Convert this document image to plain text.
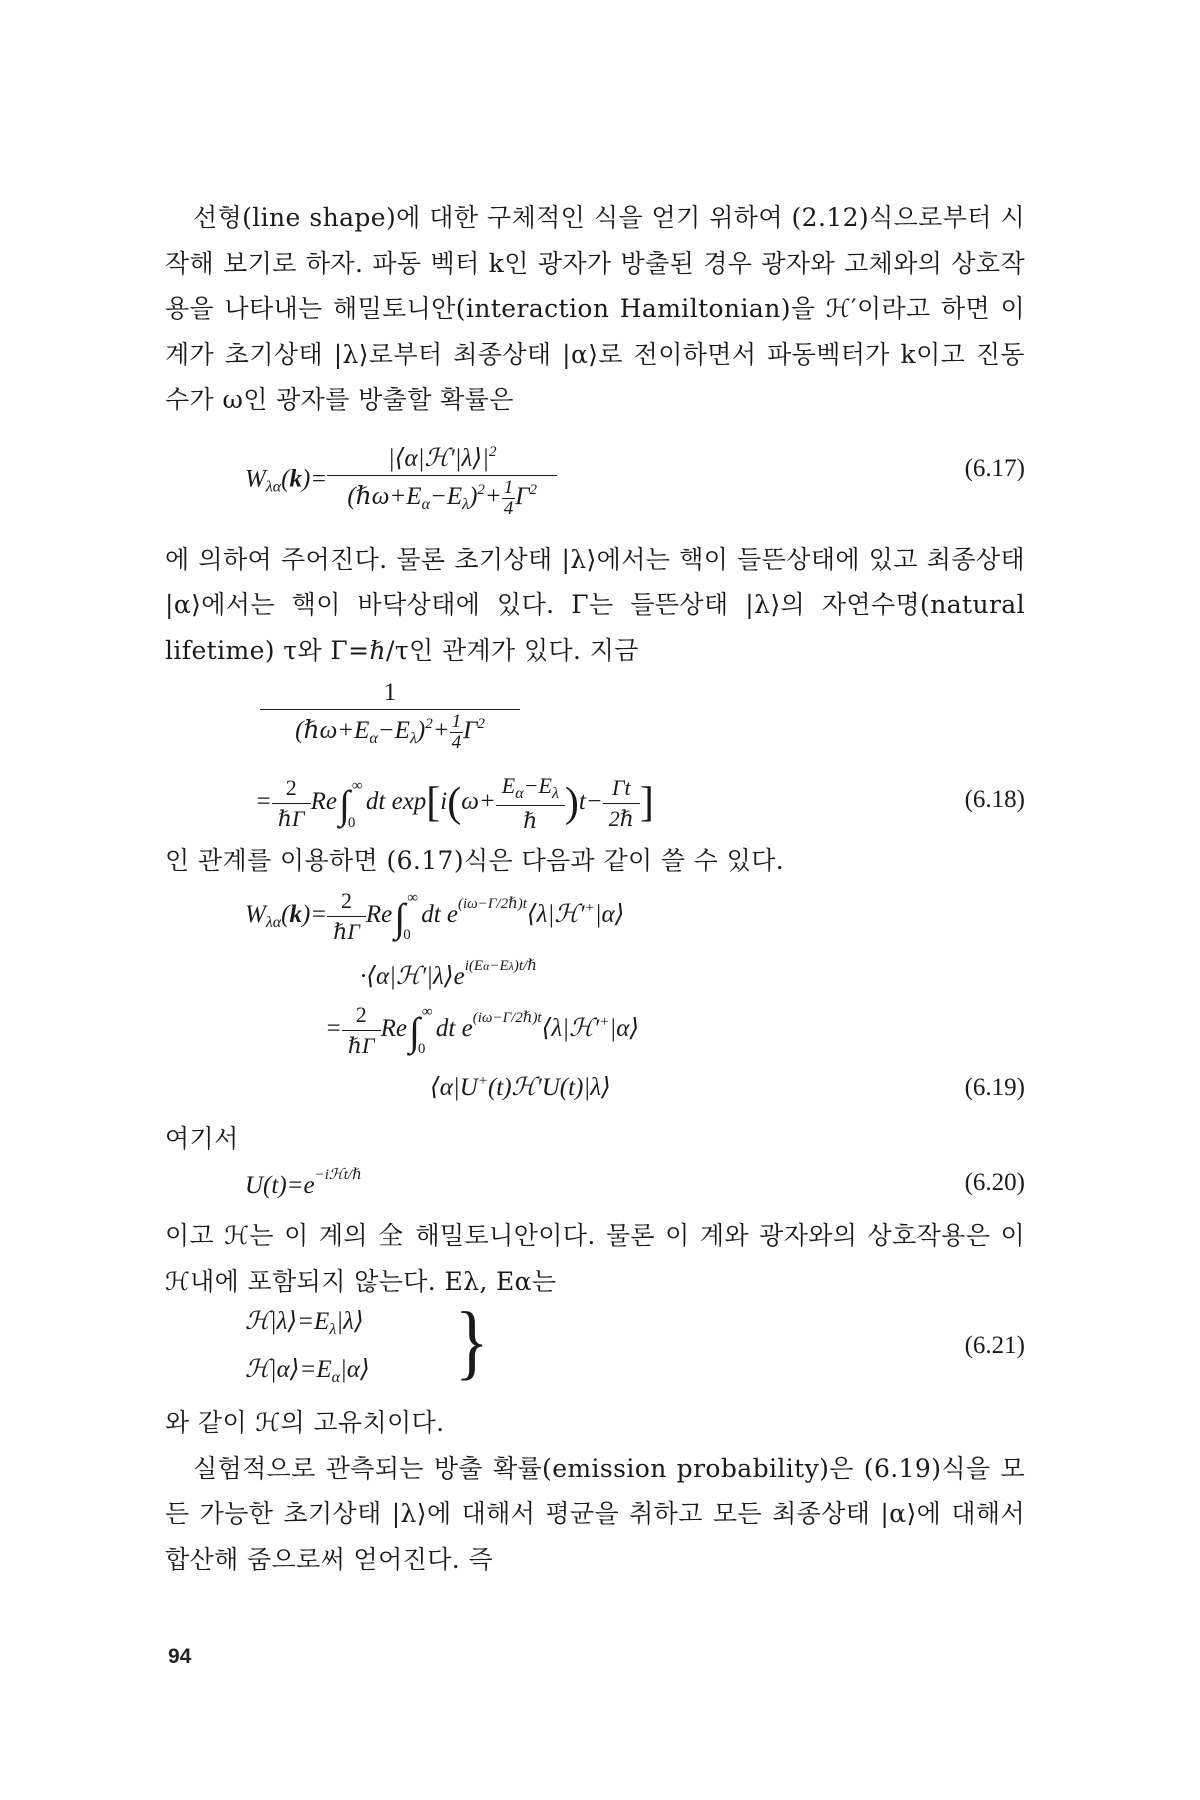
선형(line shape)에 대한 구체적인 식을 얻기 위하여 (2.12)식으로부터 시작해 보기로 하자. 파동 벡터 k인 광자가 방출된 경우 광자와 고체와의 상호작용을 나타내는 해밀토니안(interaction Hamiltonian)을 ℋ′이라고 하면 이 계가 초기상태 |λ⟩로부터 최종상태 |α⟩로 전이하면서 파동벡터가 k이고 진동수가 ω인 광자를 방출할 확률은

$W_{\lambda\alpha}(k)= \frac{|⟨\alpha|ℋ'|\lambda⟩|^2}{(\hbar\omega+E_\alpha-E_\lambda)^2+ \frac{1}{4} \Gamma^2}$	(6.17)

에 의하여 주어진다. 물론 초기상태 |λ⟩에서는 핵이 들뜬상태에 있고 최종상태 |α⟩에서는 핵이 바닥상태에 있다. Γ는 들뜬상태 |λ⟩의 자연수명(natural lifetime) τ와 Γ=ℏ/τ인 관계가 있다. 지금

$\frac{1}{(\hbar\omega+E_\alpha-E_\lambda)^2+ \frac{1}{4} \Gamma^2}$
= $\frac{2}{\text{ℏΓ}} Re\int$ ∞
0
dt $\exp[i(\omega+ \frac{E_\alpha-E_\lambda}{\text{ℏ}} )t- \frac{\Gamma t}{\text{2ℏ}}$ ]	(6.18)

인 관계를 이용하면 (6.17)식은 다음과 같이 쓸 수 있다.

$W_{\lambda\alpha}(k)= \frac{2}{\text{ℏΓ}} Re\int$ ∞
0
dt $e^{(i\omega-\Gamma/2\hbar)t}⟨\lambda|ℋ'^+|\alpha⟩$
$\cdot⟨\alpha|ℋ'|\lambda⟩e^{i(E\alpha-E\lambda)t/\hbar}$
= $\frac{2}{\text{ℏΓ}} Re\int$ ∞
0
dt $e^{(i\omega-\Gamma/2\hbar)t}⟨\lambda|ℋ'^+|\alpha⟩$
⟨α|U+(t)ℋ′U(t)|λ⟩	(6.19)

여기서

$U(t)=e^{-iℋt/\hbar}$	(6.20)

이고 ℋ는 이 계의 全 해밀토니안이다. 물론 이 계와 광자와의 상호작용은 이 ℋ내에 포함되지 않는다. Eλ, Eα는

$ℋ|\lambda⟩=E_\lambda|\lambda⟩$
$ℋ|\alpha⟩=E_\alpha|\alpha⟩$ }	(6.21)

와 같이 ℋ의 고유치이다.

실험적으로 관측되는 방출 확률(emission probability)은 (6.19)식을 모든 가능한 초기상태 |λ⟩에 대해서 평균을 취하고 모든 최종상태 |α⟩에 대해서 합산해 줌으로써 얻어진다. 즉

94
